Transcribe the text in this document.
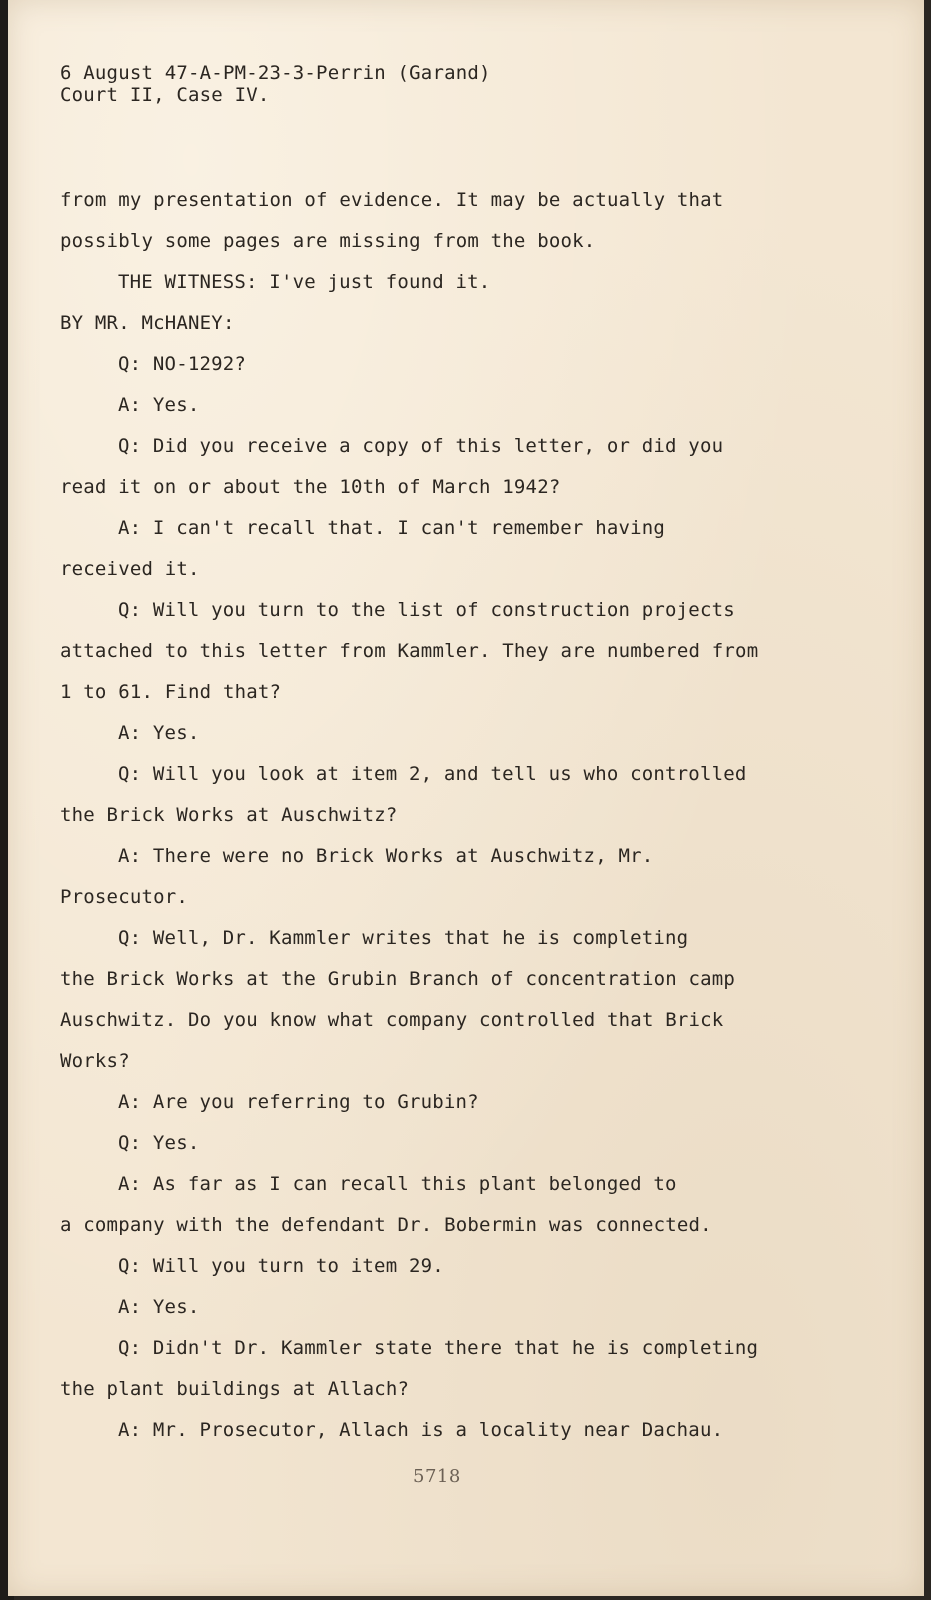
6 August 47-A-PM-23-3-Perrin (Garand)
Court II, Case IV.
from my presentation of evidence. It may be actually that
possibly some pages are missing from the book.
THE WITNESS: I've just found it.
BY MR. McHANEY:
Q: NO-1292?
A: Yes.
Q: Did you receive a copy of this letter, or did you
read it on or about the 10th of March 1942?
A: I can't recall that. I can't remember having
received it.
Q: Will you turn to the list of construction projects
attached to this letter from Kammler. They are numbered from
1 to 61. Find that?
A: Yes.
Q: Will you look at item 2, and tell us who controlled
the Brick Works at Auschwitz?
A: There were no Brick Works at Auschwitz, Mr.
Prosecutor.
Q: Well, Dr. Kammler writes that he is completing
the Brick Works at the Grubin Branch of concentration camp
Auschwitz. Do you know what company controlled that Brick
Works?
A: Are you referring to Grubin?
Q: Yes.
A: As far as I can recall this plant belonged to
a company with the defendant Dr. Bobermin was connected.
Q: Will you turn to item 29.
A: Yes.
Q: Didn't Dr. Kammler state there that he is completing
the plant buildings at Allach?
A: Mr. Prosecutor, Allach is a locality near Dachau.
5718
